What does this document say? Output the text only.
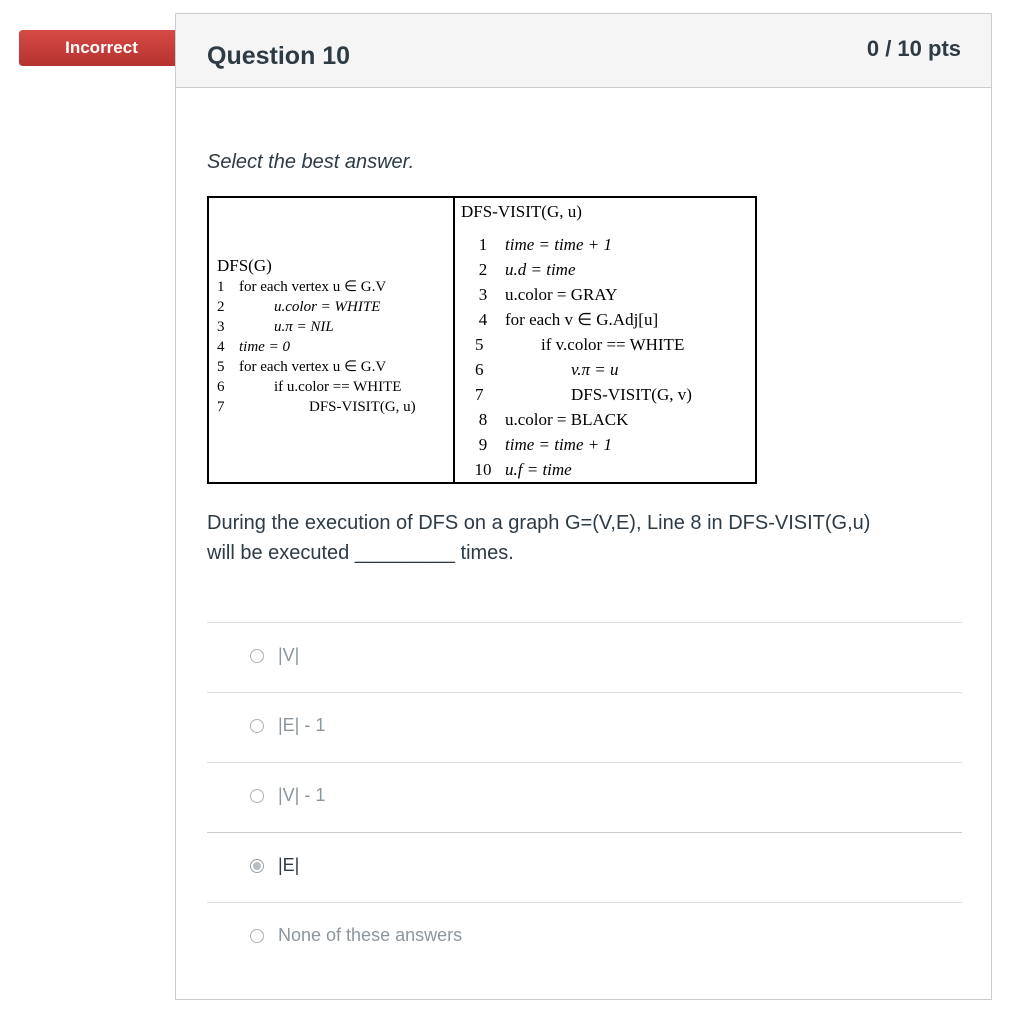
Incorrect	Question 10	0 / 10 pts
Select the best answer.
DFS(G)
1 for each vertex u ∈ G.V
2	u.color = WHITE
3	u.π = NIL
4 time = 0
5 for each vertex u ∈ G.V
6	if u.color == WHITE
7	DFS-VISIT(G, u)
DFS-VISIT(G, u)
1 time = time + 1
2 u.d = time
3 u.color = GRAY
4 for each v ∈ G.Adj[u]
5	if v.color == WHITE
6	v.π = u
7	DFS-VISIT(G, v)
8 u.color = BLACK
9 time = time + 1
10 u.f = time
During the execution of DFS on a graph G=(V,E), Line 8 in DFS-VISIT(G,u)
will be executed _________ times.
|V|
|E| - 1
|V| - 1
|E|
None of these answers
